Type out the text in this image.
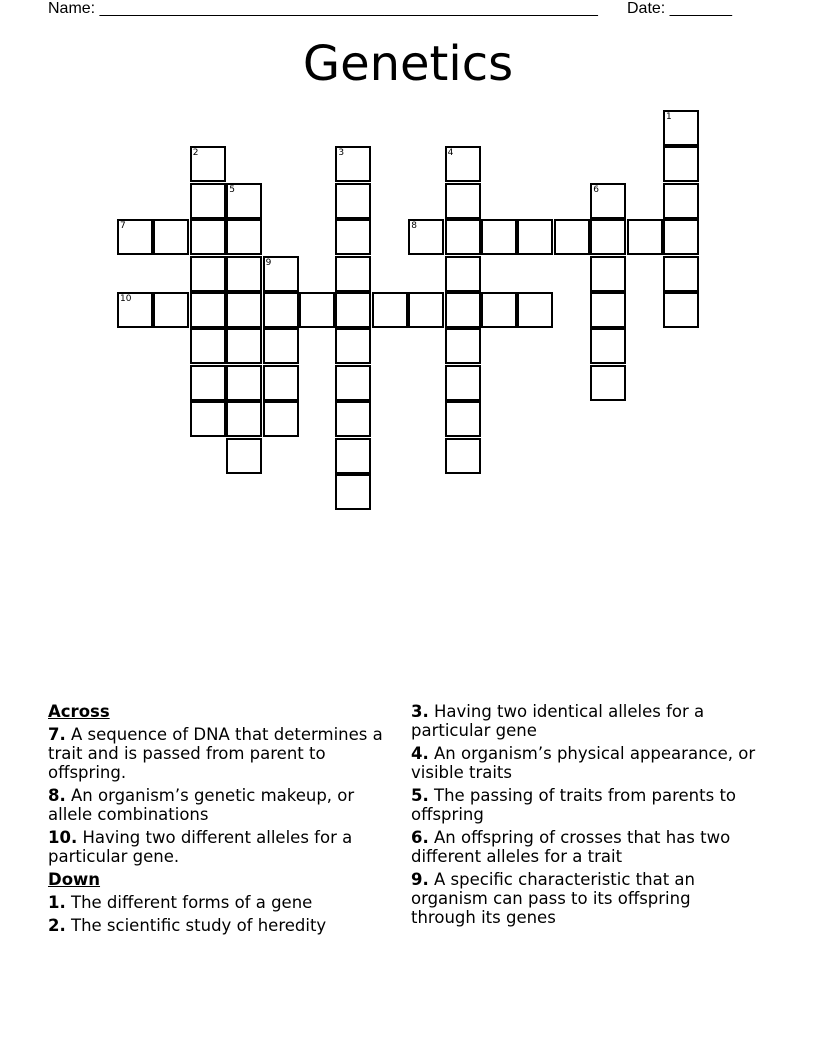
Name: ________________________________________________________ Date: _______
Genetics
1
2	3	4
5	6
7	8
9
10
Across
7. A sequence of DNA that determines a trait and is passed from parent to offspring.
8. An organism’s genetic makeup, or allele combinations
10. Having two different alleles for a particular gene.
Down
1. The different forms of a gene
2. The scientific study of heredity
3. Having two identical alleles for a particular gene
4. An organism’s physical appearance, or visible traits
5. The passing of traits from parents to offspring
6. An offspring of crosses that has two different alleles for a trait
9. A specific characteristic that an organism can pass to its offspring through its genes
